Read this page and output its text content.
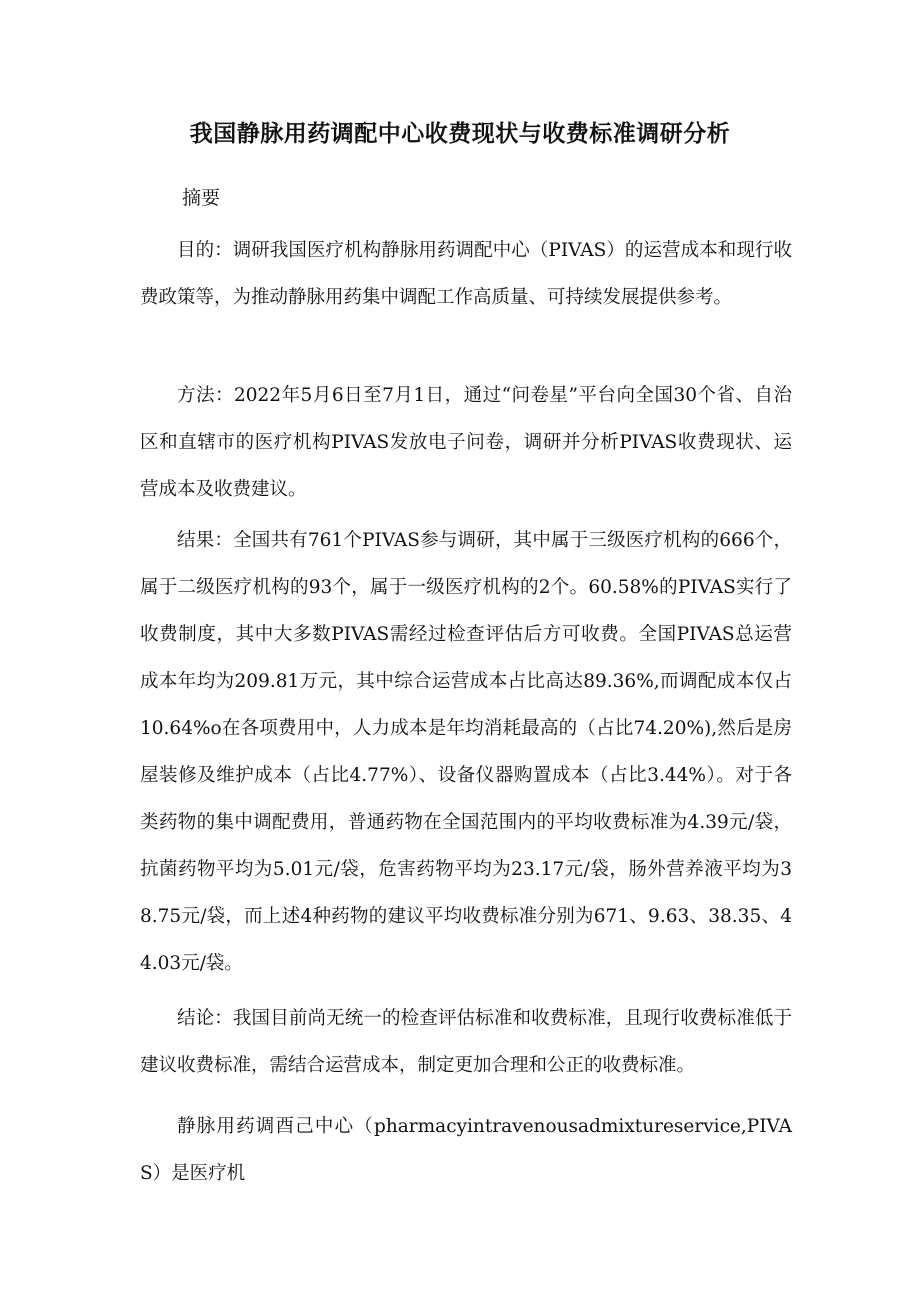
我国静脉用药调配中心收费现状与收费标准调研分析

摘要

目的：调研我国医疗机构静脉用药调配中心（PIVAS）的运营成本和现行收费政策等，为推动静脉用药集中调配工作高质量、可持续发展提供参考。

方法：2022年5月6日至7月1日，通过“问卷星”平台向全国30个省、自治区和直辖市的医疗机构PIVAS发放电子问卷，调研并分析PIVAS收费现状、运营成本及收费建议。

结果：全国共有761个PIVAS参与调研，其中属于三级医疗机构的666个，属于二级医疗机构的93个，属于一级医疗机构的2个。60.58%的PIVAS实行了收费制度，其中大多数PIVAS需经过检查评估后方可收费。全国PIVAS总运营成本年均为209.81万元，其中综合运营成本占比高达89.36%,而调配成本仅占10.64%o在各项费用中，人力成本是年均消耗最高的（占比74.20%),然后是房屋装修及维护成本（占比4.77%）、设备仪器购置成本（占比3.44%）。对于各类药物的集中调配费用，普通药物在全国范围内的平均收费标准为4.39元/袋，抗菌药物平均为5.01元/袋，危害药物平均为23.17元/袋，肠外营养液平均为38.75元/袋，而上述4种药物的建议平均收费标准分别为671、9.63、38.35、44.03元/袋。

结论：我国目前尚无统一的检查评估标准和收费标准，且现行收费标准低于建议收费标准，需结合运营成本，制定更加合理和公正的收费标准。

静脉用药调酉己中心（pharmacyintravenousadmixtureservice,PIVAS）是医疗机
